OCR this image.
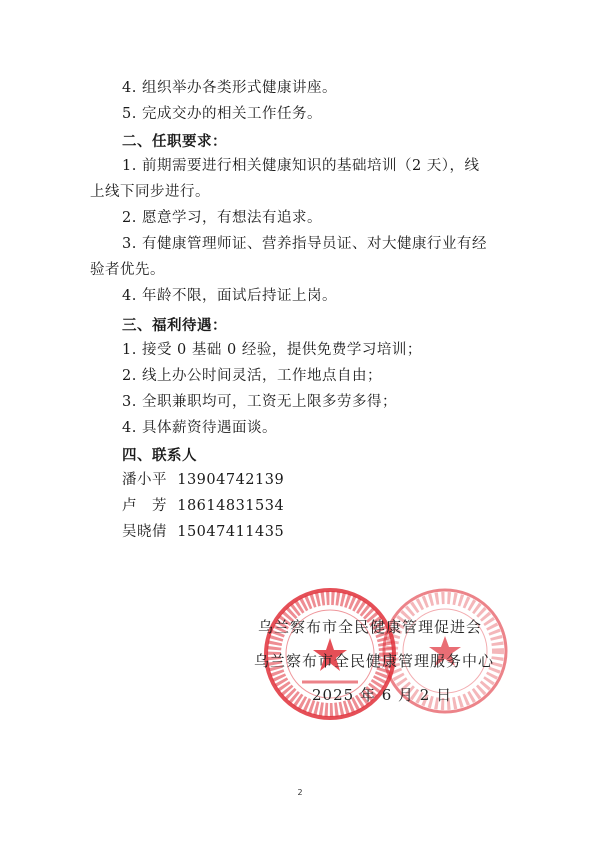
4. 组织举办各类形式健康讲座。
5. 完成交办的相关工作任务。
二、任职要求：
1. 前期需要进行相关健康知识的基础培训（2 天），线
上线下同步进行。
2. 愿意学习，有想法有追求。
3. 有健康管理师证、营养指导员证、对大健康行业有经
验者优先。
4. 年龄不限，面试后持证上岗。
三、福利待遇：
1. 接受 0 基础 0 经验，提供免费学习培训；
2. 线上办公时间灵活，工作地点自由；
3. 全职兼职均可，工资无上限多劳多得；
4. 具体薪资待遇面谈。
四、联系人
潘小平 13904742139
卢　芳 18614831534
吴晓倩 15047411435
乌兰察布市全民健康管理促进会
乌兰察布市全民健康管理服务中心
2025 年 6 月 2 日
2
